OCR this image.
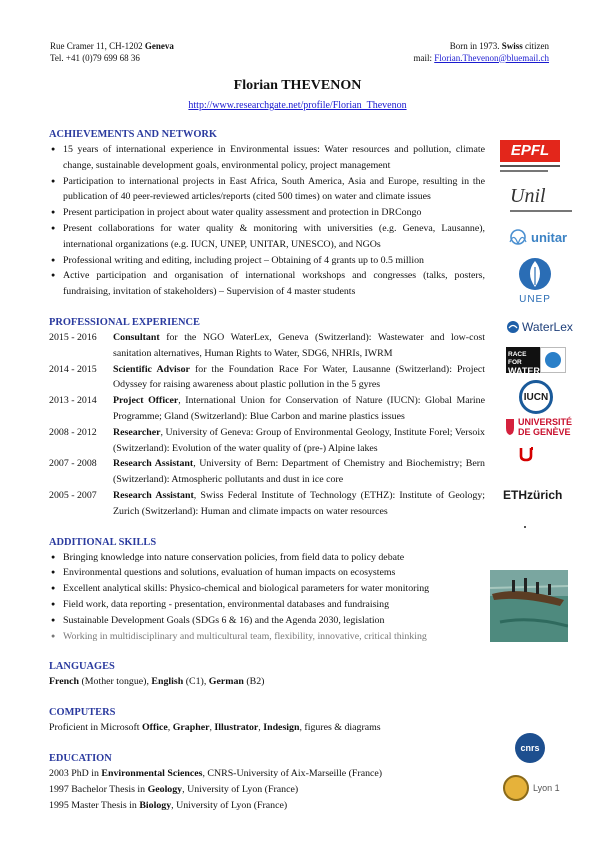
Rue Cramer 11, CH-1202 Geneva
Tel. +41 (0)79 699 68 36
Born in 1973. Swiss citizen
mail: Florian.Thevenon@bluemail.ch
Florian THEVENON
http://www.researchgate.net/profile/Florian_Thevenon
ACHIEVEMENTS AND NETWORK
● 15 years of international experience in Environmental issues: Water resources and pollution, climate change, sustainable development goals, environmental policy, project management
● Participation to international projects in East Africa, South America, Asia and Europe, resulting in the publication of 40 peer-reviewed articles/reports (cited 500 times) on water and climate issues
● Present participation in project about water quality assessment and protection in DRCongo
● Present collaborations for water quality & monitoring with universities (e.g. Geneva, Lausanne), international organizations (e.g. IUCN, UNEP, UNITAR, UNESCO), and NGOs
● Professional writing and editing, including project – Obtaining of 4 grants up to 0.5 million
● Active participation and organisation of international workshops and congresses (talks, posters, fundraising, invitation of stakeholders) – Supervision of 4 master students
PROFESSIONAL EXPERIENCE
2015 - 2016	Consultant for the NGO WaterLex, Geneva (Switzerland): Wastewater and low-cost sanitation alternatives, Human Rights to Water, SDG6, NHRIs, IWRM
2014 - 2015	Scientific Advisor for the Foundation Race For Water, Lausanne (Switzerland): Project Odyssey for raising awareness about plastic pollution in the 5 gyres
2013 - 2014	Project Officer, International Union for Conservation of Nature (IUCN): Global Marine Programme; Gland (Switzerland): Blue Carbon and marine plastics issues
2008 - 2012	Researcher, University of Geneva: Group of Environmental Geology, Institute Forel; Versoix (Switzerland): Evolution of the water quality of (pre-) Alpine lakes
2007 - 2008	Research Assistant, University of Bern: Department of Chemistry and Biochemistry; Bern (Switzerland): Atmospheric pollutants and dust in ice core
2005 - 2007	Research Assistant, Swiss Federal Institute of Technology (ETHZ): Institute of Geology; Zurich (Switzerland): Human and climate impacts on water resources
ADDITIONAL SKILLS
● Bringing knowledge into nature conservation policies, from field data to policy debate
● Environmental questions and solutions, evaluation of human impacts on ecosystems
● Excellent analytical skills: Physico-chemical and biological parameters for water monitoring
● Field work, data reporting - presentation, environmental databases and fundraising
● Sustainable Development Goals (SDGs 6 & 16) and the Agenda 2030, legislation
● Working in multidisciplinary and multicultural team, flexibility, innovative, critical thinking
LANGUAGES
French (Mother tongue), English (C1), German (B2)
COMPUTERS
Proficient in Microsoft Office, Grapher, Illustrator, Indesign, figures & diagrams
EDUCATION
2003 PhD in Environmental Sciences, CNRS-University of Aix-Marseille (France)
1997 Bachelor Thesis in Geology, University of Lyon (France)
1995 Master Thesis in Biology, University of Lyon (France)
EPFL
Unil
unitar
UNEP
WaterLex
RACE FOR
WATER
IUCN
UNIVERSITÉ
DE GENÈVE
ETHzürich
cnrs
Lyon 1
